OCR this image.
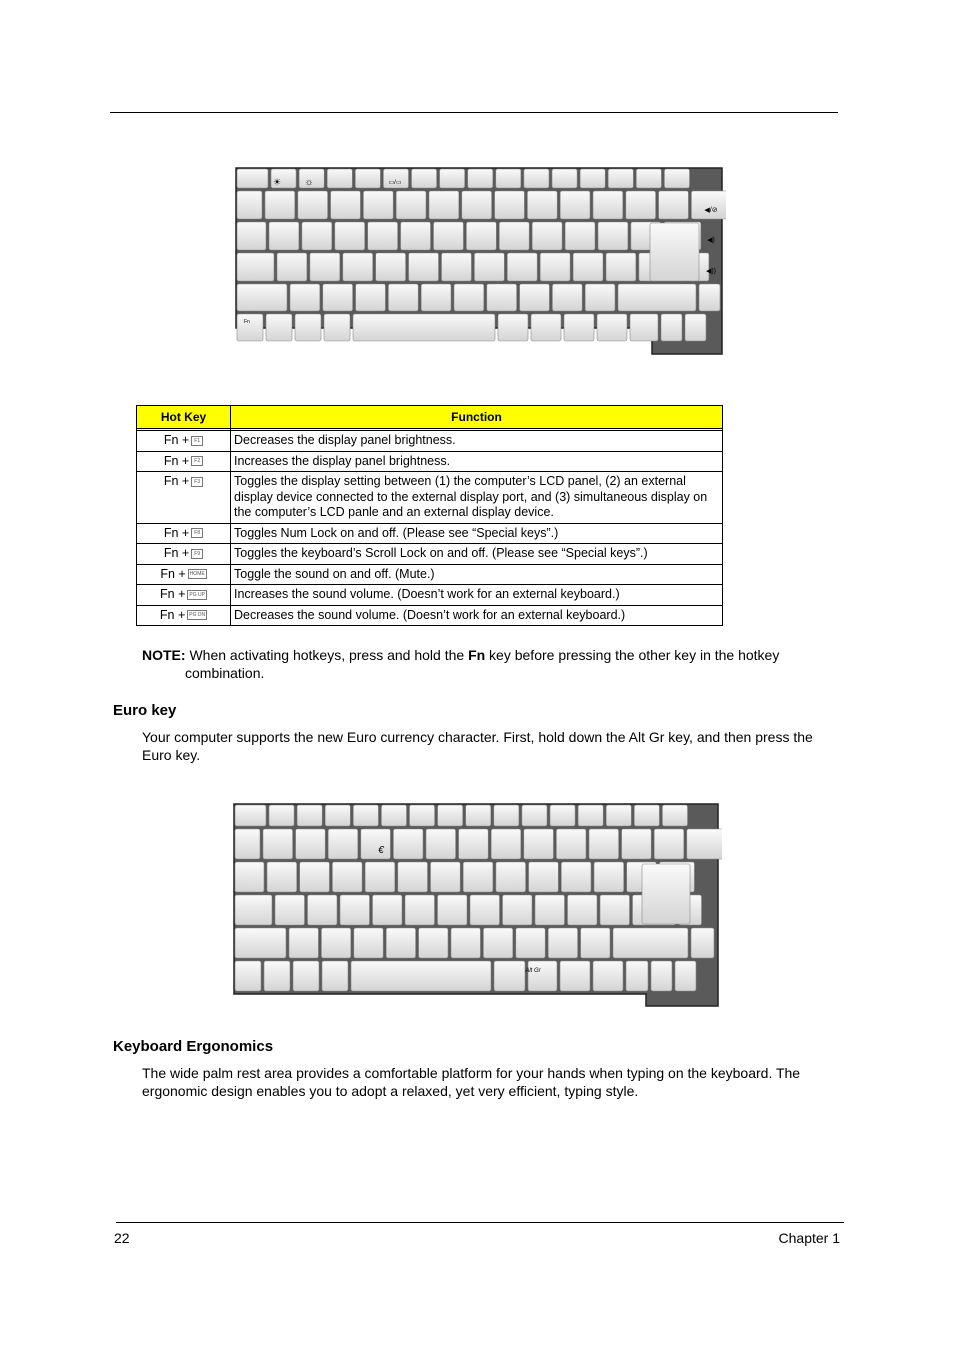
☀ ☼	▭/▭
◀/⊘
◀)
◀))
Fn
Hot Key	Function

Fn + F1	Decreases the display panel brightness.
Fn + F2	Increases the display panel brightness.
Fn + F3	Toggles the display setting between (1) the computer’s LCD panel, (2) an external display device connected to the external display port, and (3) simultaneous display on the computer’s LCD panle and an external display device.
Fn + F8	Toggles Num Lock on and off. (Please see “Special keys”.)
Fn + F9	Toggles the keyboard’s Scroll Lock on and off. (Please see “Special keys”.)
Fn + HOME	Toggle the sound on and off. (Mute.)
Fn + PG UP	Increases the sound volume. (Doesn’t work for an external keyboard.)
Fn + PG DN	Decreases the sound volume. (Doesn’t work for an external keyboard.)
NOTE: When activating hotkeys, press and hold the Fn key before pressing the other key in the hotkey
combination.
Euro key
Your computer supports the new Euro currency character. First, hold down the Alt Gr key, and then press the Euro key.
€
Alt Gr
Keyboard Ergonomics
The wide palm rest area provides a comfortable platform for your hands when typing on the keyboard. The ergonomic design enables you to adopt a relaxed, yet very efficient, typing style.
22	Chapter 1
